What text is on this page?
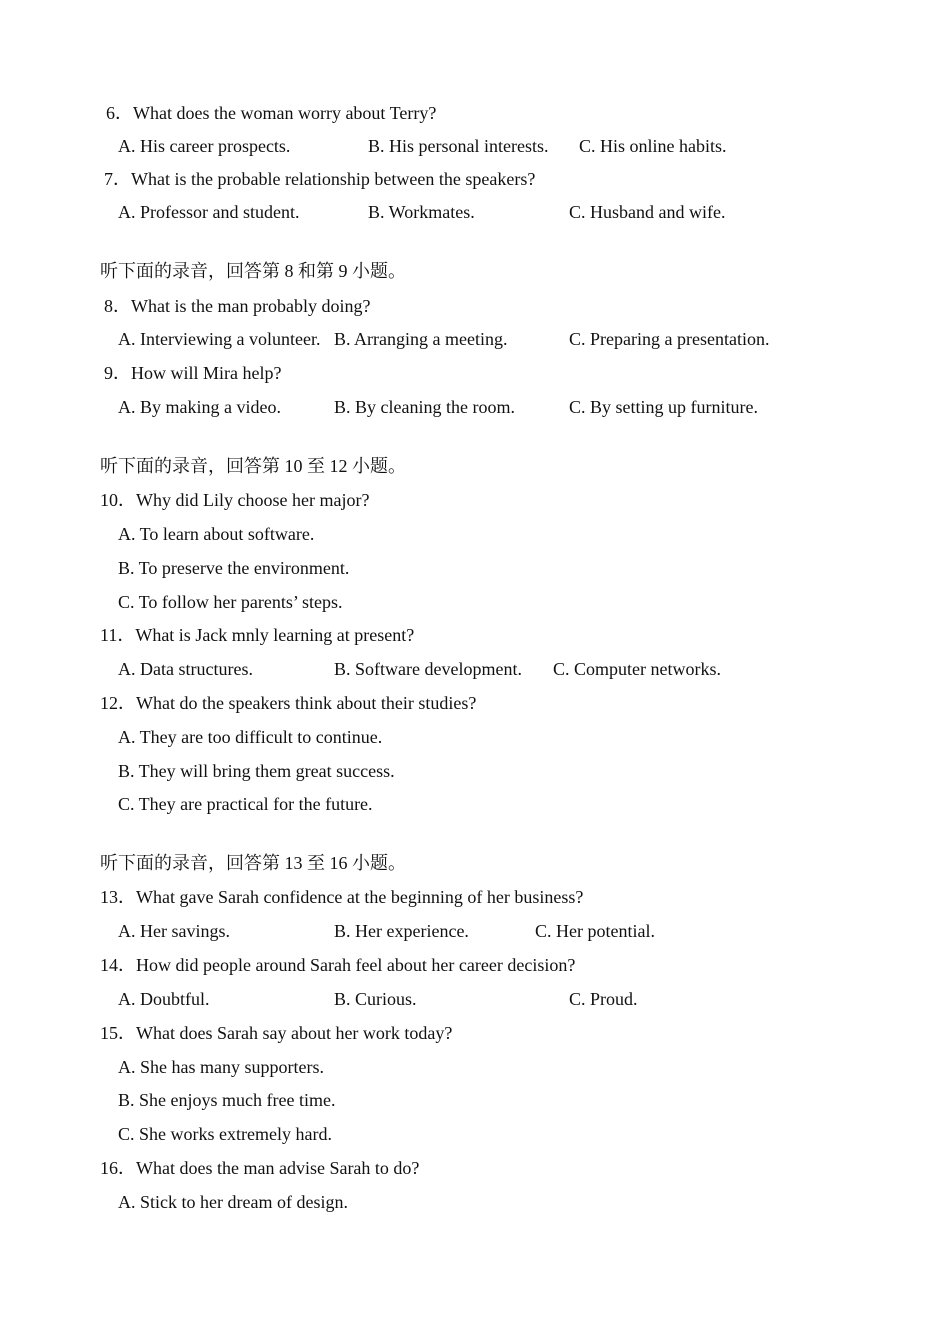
6．What does the woman worry about Terry?
A. His career prospects.	B. His personal interests. C. His online habits.
7．What is the probable relationship between the speakers?
A. Professor and student.	B. Workmates.	C. Husband and wife.
听下面的录音，回答第 8 和第 9 小题。
8．What is the man probably doing?
A. Interviewing a volunteer. B. Arranging a meeting.	C. Preparing a presentation.
9．How will Mira help?
A. By making a video.	B. By cleaning the room.	C. By setting up furniture.
听下面的录音，回答第 10 至 12 小题。
10．Why did Lily choose her major?
A. To learn about software.
B. To preserve the environment.
C. To follow her parents’ steps.
11．What is Jack mnly learning at present?
A. Data structures.	B. Software development. C. Computer networks.
12．What do the speakers think about their studies?
A. They are too difficult to continue.
B. They will bring them great success.
C. They are practical for the future.
听下面的录音，回答第 13 至 16 小题。
13．What gave Sarah confidence at the beginning of her business?
A. Her savings.	B. Her experience.	C. Her potential.
14．How did people around Sarah feel about her career decision?
A. Doubtful.	B. Curious.	C. Proud.
15．What does Sarah say about her work today?
A. She has many supporters.
B. She enjoys much free time.
C. She works extremely hard.
16．What does the man advise Sarah to do?
A. Stick to her dream of design.
